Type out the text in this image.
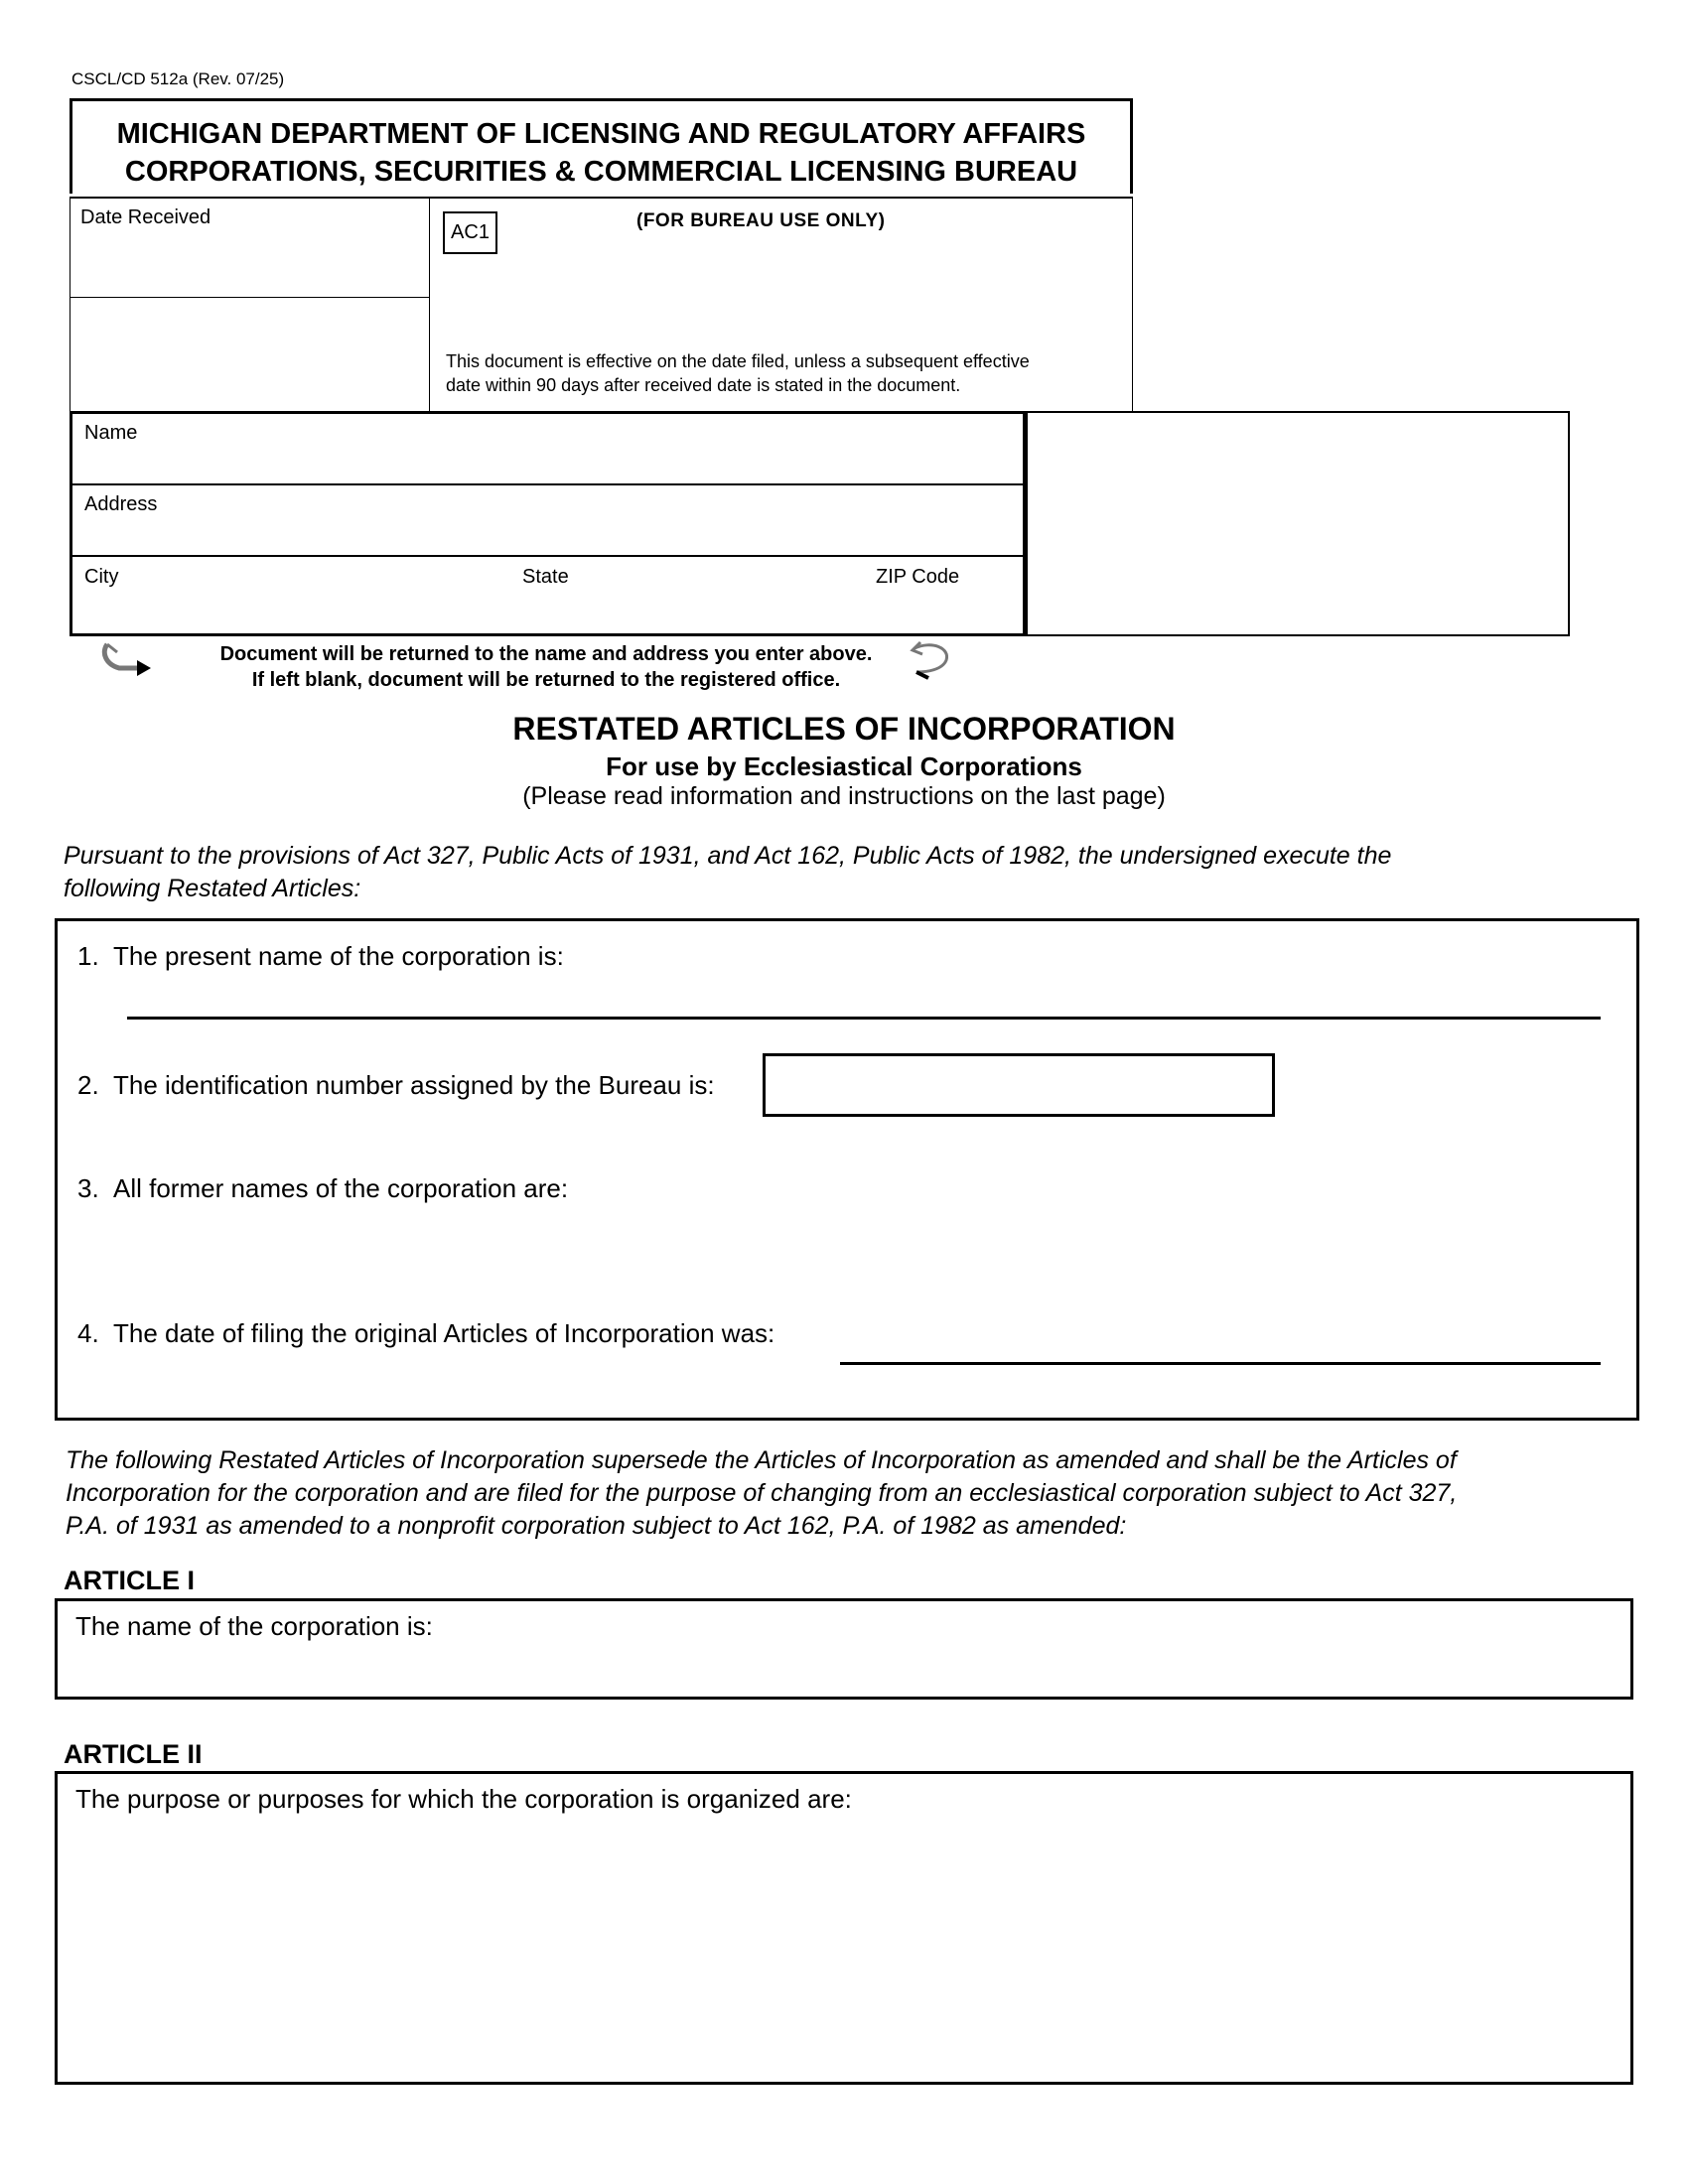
CSCL/CD 512a (Rev. 07/25)
MICHIGAN DEPARTMENT OF LICENSING AND REGULATORY AFFAIRS
CORPORATIONS, SECURITIES & COMMERCIAL LICENSING BUREAU
Date Received
AC1
(FOR BUREAU USE ONLY)
This document is effective on the date filed, unless a subsequent effective
date within 90 days after received date is stated in the document.
Name
Address
City	State	ZIP Code
Document will be returned to the name and address you enter above.
If left blank, document will be returned to the registered office.
RESTATED ARTICLES OF INCORPORATION
For use by Ecclesiastical Corporations
(Please read information and instructions on the last page)
Pursuant to the provisions of Act 327, Public Acts of 1931, and Act 162, Public Acts of 1982, the undersigned execute the
following Restated Articles:
1. The present name of the corporation is:
2. The identification number assigned by the Bureau is:
3. All former names of the corporation are:
4. The date of filing the original Articles of Incorporation was:
The following Restated Articles of Incorporation supersede the Articles of Incorporation as amended and shall be the Articles of
Incorporation for the corporation and are filed for the purpose of changing from an ecclesiastical corporation subject to Act 327,
P.A. of 1931 as amended to a nonprofit corporation subject to Act 162, P.A. of 1982 as amended:
ARTICLE I
The name of the corporation is:
ARTICLE II
The purpose or purposes for which the corporation is organized are:
